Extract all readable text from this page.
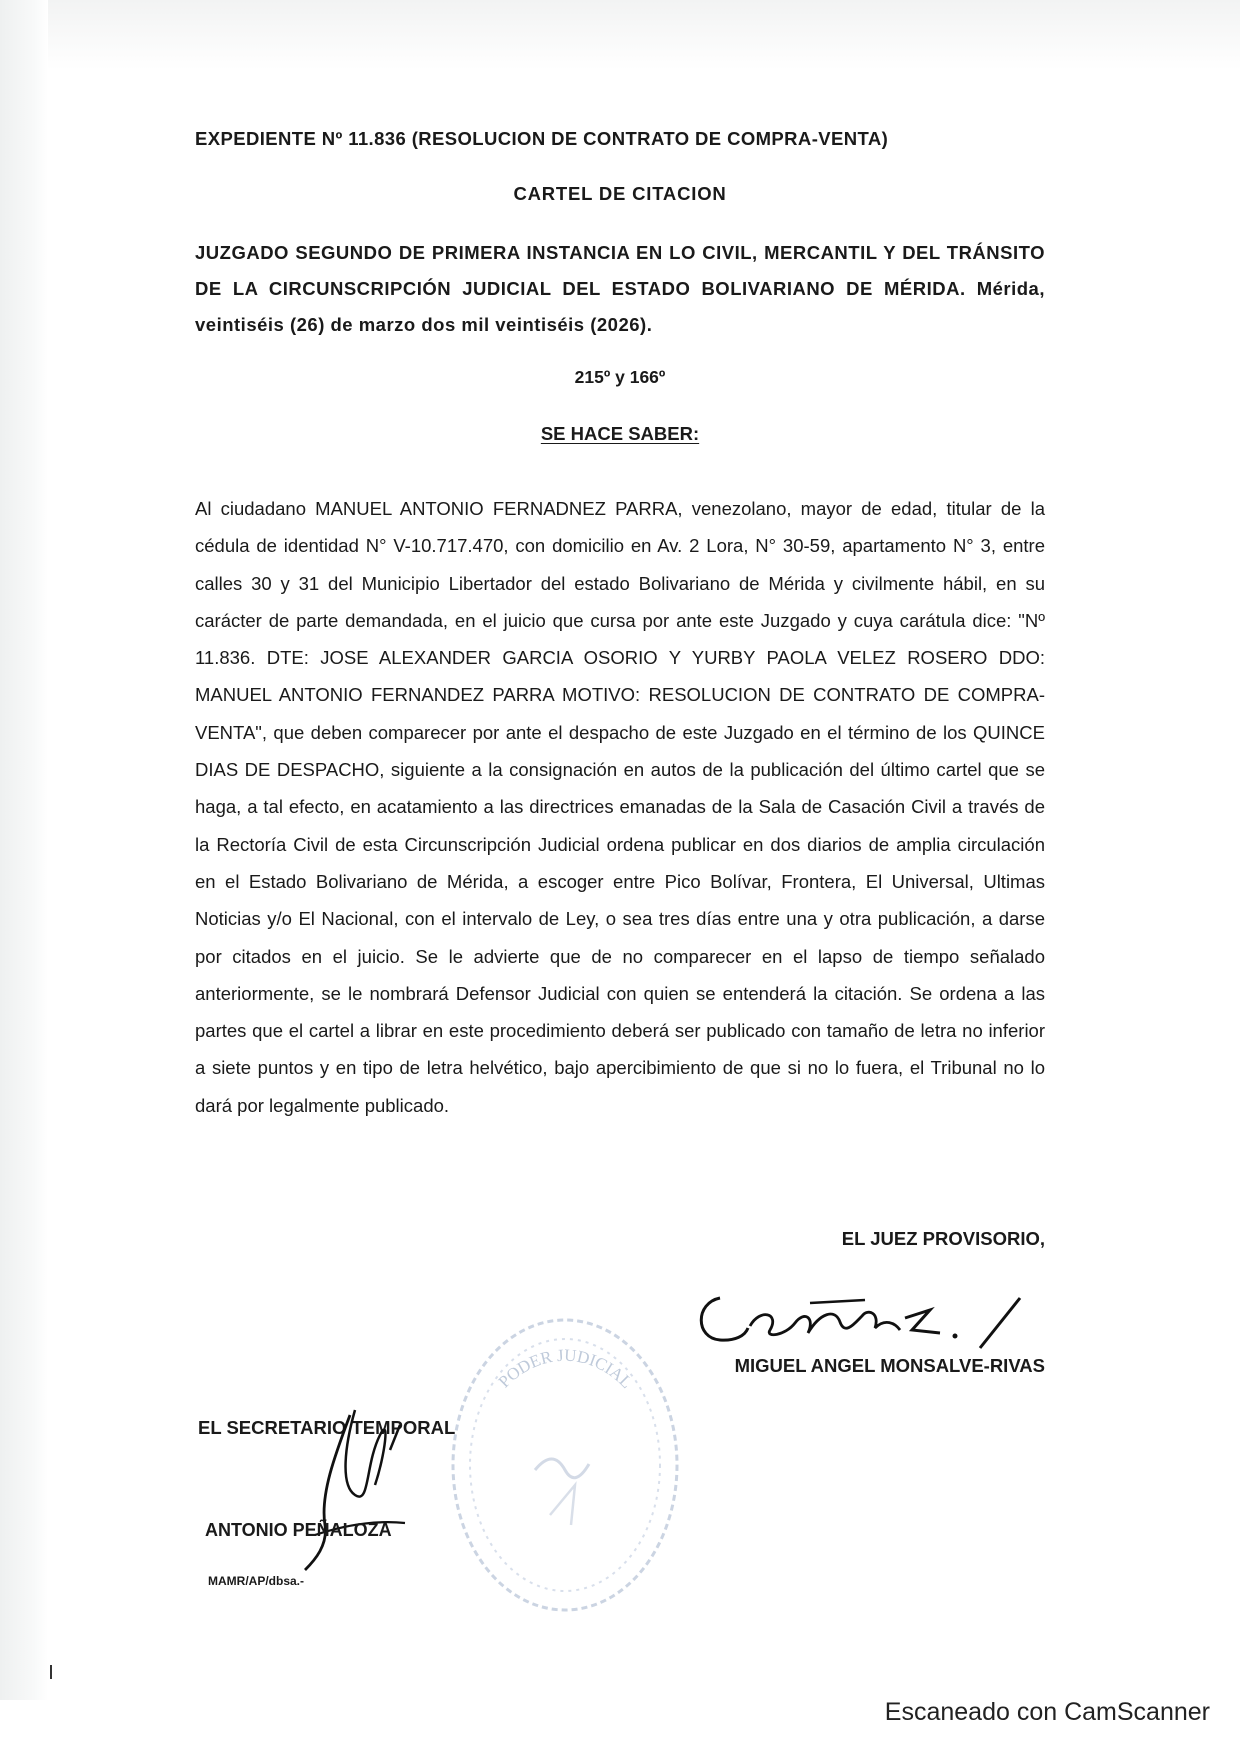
EXPEDIENTE Nº 11.836 (RESOLUCION DE CONTRATO DE COMPRA-VENTA)
CARTEL DE CITACION
JUZGADO SEGUNDO DE PRIMERA INSTANCIA EN LO CIVIL, MERCANTIL Y DEL TRÁNSITO DE LA CIRCUNSCRIPCIÓN JUDICIAL DEL ESTADO BOLIVARIANO DE MÉRIDA. Mérida, veintiséis (26) de marzo dos mil veintiséis (2026).
215º y 166º
SE HACE SABER:

Al ciudadano MANUEL ANTONIO FERNADNEZ PARRA, venezolano, mayor de edad, titular de la cédula de identidad N° V-10.717.470, con domicilio en Av. 2 Lora, N° 30-59, apartamento N° 3, entre calles 30 y 31 del Municipio Libertador del estado Bolivariano de Mérida y civilmente hábil, en su carácter de parte demandada, en el juicio que cursa por ante este Juzgado y cuya carátula dice: "Nº 11.836. DTE: JOSE ALEXANDER GARCIA OSORIO Y YURBY PAOLA VELEZ ROSERO DDO: MANUEL ANTONIO FERNANDEZ PARRA MOTIVO: RESOLUCION DE CONTRATO DE COMPRA-VENTA", que deben comparecer por ante el despacho de este Juzgado en el término de los QUINCE DIAS DE DESPACHO, siguiente a la consignación en autos de la publicación del último cartel que se haga, a tal efecto, en acatamiento a las directrices emanadas de la Sala de Casación Civil a través de la Rectoría Civil de esta Circunscripción Judicial ordena publicar en dos diarios de amplia circulación en el Estado Bolivariano de Mérida, a escoger entre Pico Bolívar, Frontera, El Universal, Ultimas Noticias y/o El Nacional, con el intervalo de Ley, o sea tres días entre una y otra publicación, a darse por citados en el juicio. Se le advierte que de no comparecer en el lapso de tiempo señalado anteriormente, se le nombrará Defensor Judicial con quien se entenderá la citación. Se ordena a las partes que el cartel a librar en este procedimiento deberá ser publicado con tamaño de letra no inferior a siete puntos y en tipo de letra helvético, bajo apercibimiento de que si no lo fuera, el Tribunal no lo dará por legalmente publicado.

EL JUEZ PROVISORIO,
PODER JUDICIAL
MIGUEL ANGEL MONSALVE-RIVAS
EL SECRETARIO TEMPORAL
ANTONIO PEÑALOZA
MAMR/AP/dbsa.-
Escaneado con CamScanner
